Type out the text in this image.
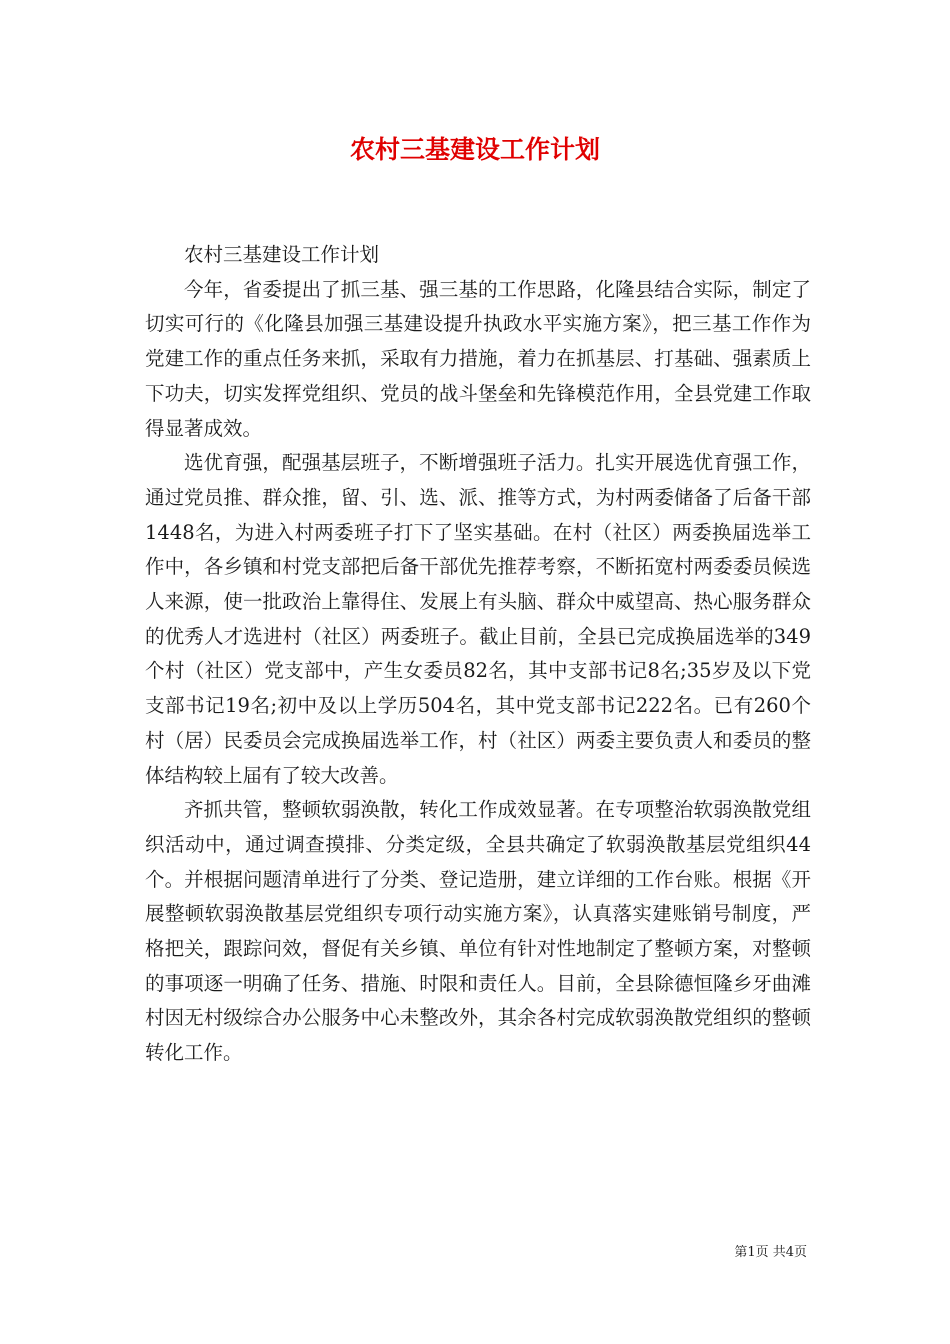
农村三基建设工作计划

农村三基建设工作计划

今年，省委提出了抓三基、强三基的工作思路，化隆县结合实际，制定了切实可行的《化隆县加强三基建设提升执政水平实施方案》，把三基工作作为党建工作的重点任务来抓，采取有力措施，着力在抓基层、打基础、强素质上下功夫，切实发挥党组织、党员的战斗堡垒和先锋模范作用，全县党建工作取得显著成效。

选优育强，配强基层班子，不断增强班子活力。扎实开展选优育强工作，通过党员推、群众推，留、引、选、派、推等方式，为村两委储备了后备干部1448名，为进入村两委班子打下了坚实基础。在村（社区）两委换届选举工作中，各乡镇和村党支部把后备干部优先推荐考察，不断拓宽村两委委员候选人来源，使一批政治上靠得住、发展上有头脑、群众中威望高、热心服务群众的优秀人才选进村（社区）两委班子。截止目前，全县已完成换届选举的349个村（社区）党支部中，产生女委员82名，其中支部书记8名;35岁及以下党支部书记19名;初中及以上学历504名，其中党支部书记222名。已有260个村（居）民委员会完成换届选举工作，村（社区）两委主要负责人和委员的整体结构较上届有了较大改善。

齐抓共管，整顿软弱涣散，转化工作成效显著。在专项整治软弱涣散党组织活动中，通过调查摸排、分类定级，全县共确定了软弱涣散基层党组织44个。并根据问题清单进行了分类、登记造册，建立详细的工作台账。根据《开展整顿软弱涣散基层党组织专项行动实施方案》，认真落实建账销号制度，严格把关，跟踪问效，督促有关乡镇、单位有针对性地制定了整顿方案，对整顿的事项逐一明确了任务、措施、时限和责任人。目前，全县除德恒隆乡牙曲滩村因无村级综合办公服务中心未整改外，其余各村完成软弱涣散党组织的整顿转化工作。

第1页 共4页
